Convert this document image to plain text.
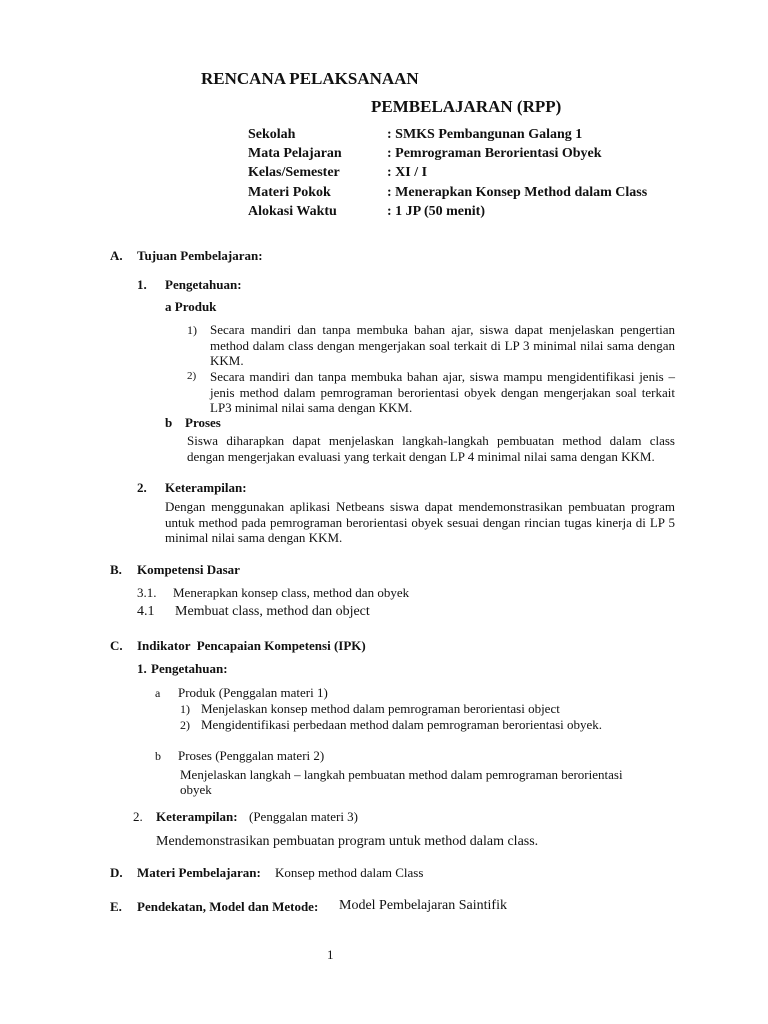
RENCANA PELAKSANAAN
PEMBELAJARAN (RPP)
Sekolah	: SMKS Pembangunan Galang 1
Mata Pelajaran	: Pemrograman Berorientasi Obyek
Kelas/Semester	: XI / I
Materi Pokok	: Menerapkan Konsep Method dalam Class
Alokasi Waktu	: 1 JP (50 menit)
A. Tujuan Pembelajaran:
1. Pengetahuan:
a Produk
1) Secara mandiri dan tanpa membuka bahan ajar, siswa dapat menjelaskan pengertian method dalam class dengan mengerjakan soal terkait di LP 3 minimal nilai sama dengan KKM.
2) Secara mandiri dan tanpa membuka bahan ajar, siswa mampu mengidentifikasi jenis – jenis method dalam pemrograman berorientasi obyek dengan mengerjakan soal terkait LP3 minimal nilai sama dengan KKM.
b Proses
Siswa diharapkan dapat menjelaskan langkah-langkah pembuatan method dalam class dengan mengerjakan evaluasi yang terkait dengan LP 4 minimal nilai sama dengan KKM.
2. Keterampilan:
Dengan menggunakan aplikasi Netbeans siswa dapat mendemonstrasikan pembuatan program untuk method pada pemrograman berorientasi obyek sesuai dengan rincian tugas kinerja di LP 5 minimal nilai sama dengan KKM.
B. Kompetensi Dasar
3.1. Menerapkan konsep class, method dan obyek
4.1 Membuat class, method dan object
C. Indikator  Pencapaian Kompetensi (IPK)
1. Pengetahuan:
a Produk (Penggalan materi 1)
1) Menjelaskan konsep method dalam pemrograman berorientasi object
2) Mengidentifikasi perbedaan method dalam pemrograman berorientasi obyek.
b Proses (Penggalan materi 2)
Menjelaskan langkah – langkah pembuatan method dalam pemrograman berorientasi
obyek
2. Keterampilan: (Penggalan materi 3)
Mendemonstrasikan pembuatan program untuk method dalam class.
D. Materi Pembelajaran: Konsep method dalam Class
E. Pendekatan, Model dan Metode: Model Pembelajaran Saintifik
1
